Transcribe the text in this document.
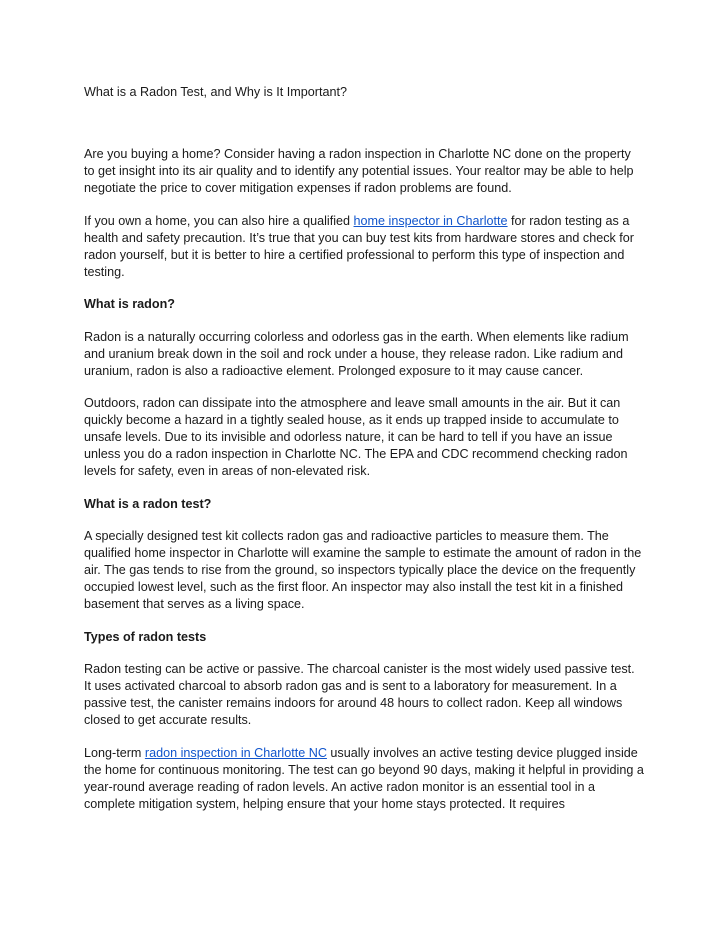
What is a Radon Test, and Why is It Important?

Are you buying a home? Consider having a radon inspection in Charlotte NC done on the property to get insight into its air quality and to identify any potential issues. Your realtor may be able to help negotiate the price to cover mitigation expenses if radon problems are found.

If you own a home, you can also hire a qualified home inspector in Charlotte for radon testing as a health and safety precaution. It’s true that you can buy test kits from hardware stores and check for radon yourself, but it is better to hire a certified professional to perform this type of inspection and testing.

What is radon?

Radon is a naturally occurring colorless and odorless gas in the earth. When elements like radium and uranium break down in the soil and rock under a house, they release radon. Like radium and uranium, radon is also a radioactive element. Prolonged exposure to it may cause cancer.

Outdoors, radon can dissipate into the atmosphere and leave small amounts in the air. But it can quickly become a hazard in a tightly sealed house, as it ends up trapped inside to accumulate to unsafe levels. Due to its invisible and odorless nature, it can be hard to tell if you have an issue unless you do a radon inspection in Charlotte NC. The EPA and CDC recommend checking radon levels for safety, even in areas of non-elevated risk.

What is a radon test?

A specially designed test kit collects radon gas and radioactive particles to measure them. The qualified home inspector in Charlotte will examine the sample to estimate the amount of radon in the air. The gas tends to rise from the ground, so inspectors typically place the device on the frequently occupied lowest level, such as the first floor. An inspector may also install the test kit in a finished basement that serves as a living space.

Types of radon tests

Radon testing can be active or passive. The charcoal canister is the most widely used passive test. It uses activated charcoal to absorb radon gas and is sent to a laboratory for measurement. In a passive test, the canister remains indoors for around 48 hours to collect radon. Keep all windows closed to get accurate results.

Long-term radon inspection in Charlotte NC usually involves an active testing device plugged inside the home for continuous monitoring. The test can go beyond 90 days, making it helpful in providing a year-round average reading of radon levels. An active radon monitor is an essential tool in a complete mitigation system, helping ensure that your home stays protected. It requires
